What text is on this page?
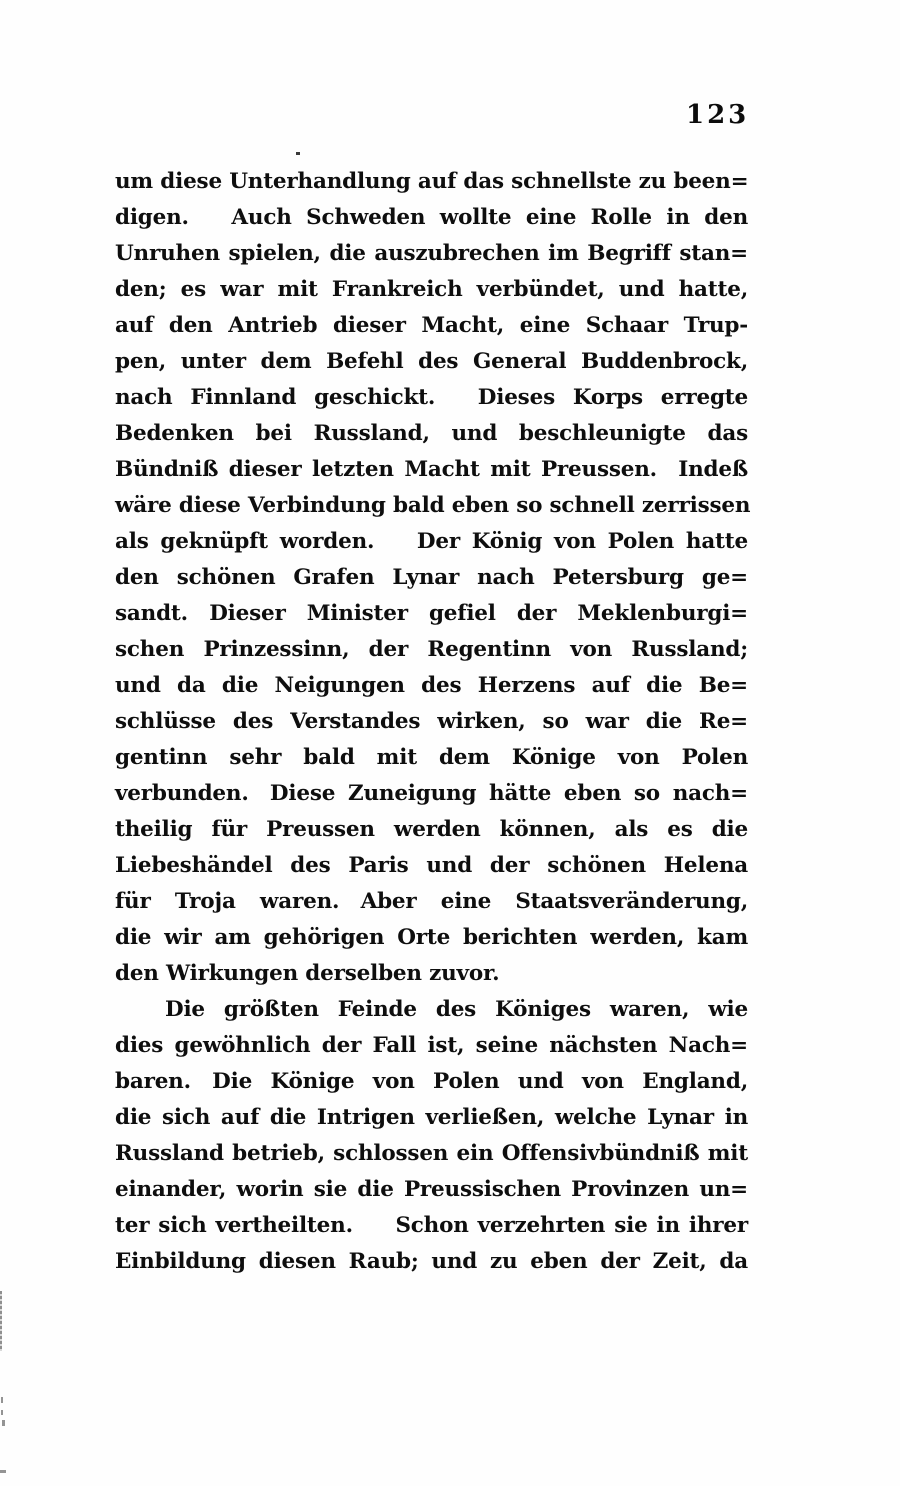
123
um diese Unterhandlung auf das schnellste zu been=
digen.  Auch Schweden wollte eine Rolle in den
Unruhen spielen, die auszubrechen im Begriff stan=
den; es war mit Frankreich verbündet, und hatte,
auf den Antrieb dieser Macht, eine Schaar Trup-
pen, unter dem Befehl des General Buddenbrock,
nach Finnland geschickt.  Dieses Korps erregte
Bedenken bei Russland, und beschleunigte das
Bündniß dieser letzten Macht mit Preussen. Indeß
wäre diese Verbindung bald eben so schnell zerrissen
als geknüpft worden.  Der König von Polen hatte
den schönen Grafen Lynar nach Petersburg ge=
sandt. Dieser Minister gefiel der Meklenburgi=
schen Prinzessinn, der Regentinn von Russland;
und da die Neigungen des Herzens auf die Be=
schlüsse des Verstandes wirken, so war die Re=
gentinn sehr bald mit dem Könige von Polen
verbunden. Diese Zuneigung hätte eben so nach=
theilig für Preussen werden können, als es die
Liebeshändel des Paris und der schönen Helena
für Troja waren. Aber eine Staatsveränderung,
die wir am gehörigen Orte berichten werden, kam
den Wirkungen derselben zuvor.
Die größten Feinde des Königes waren, wie
dies gewöhnlich der Fall ist, seine nächsten Nach=
baren. Die Könige von Polen und von England,
die sich auf die Intrigen verließen, welche Lynar in
Russland betrieb, schlossen ein Offensivbündniß mit
einander, worin sie die Preussischen Provinzen un=
ter sich vertheilten.  Schon verzehrten sie in ihrer
Einbildung diesen Raub; und zu eben der Zeit, da
